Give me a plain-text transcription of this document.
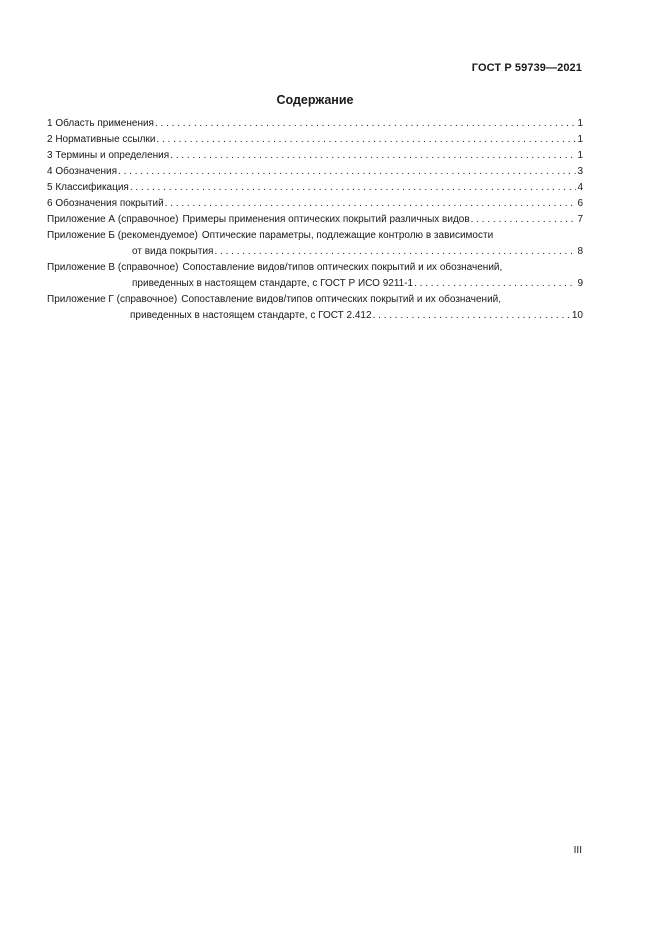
ГОСТ Р 59739—2021
Содержание
1 Область применения . . .	1
2 Нормативные ссылки . . .	1
3 Термины и определения . . .	1
4 Обозначения . . .	3
5 Классификация . . .	4
6 Обозначения покрытий . . .	6
Приложение А (справочное) Примеры применения оптических покрытий различных видов . . .	7
Приложение Б (рекомендуемое) Оптические параметры, подлежащие контролю в зависимости
от вида покрытия . . .	8
Приложение В (справочное) Сопоставление видов/типов оптических покрытий и их обозначений,
приведенных в настоящем стандарте, с ГОСТ Р ИСО 9211-1 . . .	9
Приложение Г (справочное) Сопоставление видов/типов оптических покрытий и их обозначений,
приведенных в настоящем стандарте, с ГОСТ 2.412 . . .	10
III
